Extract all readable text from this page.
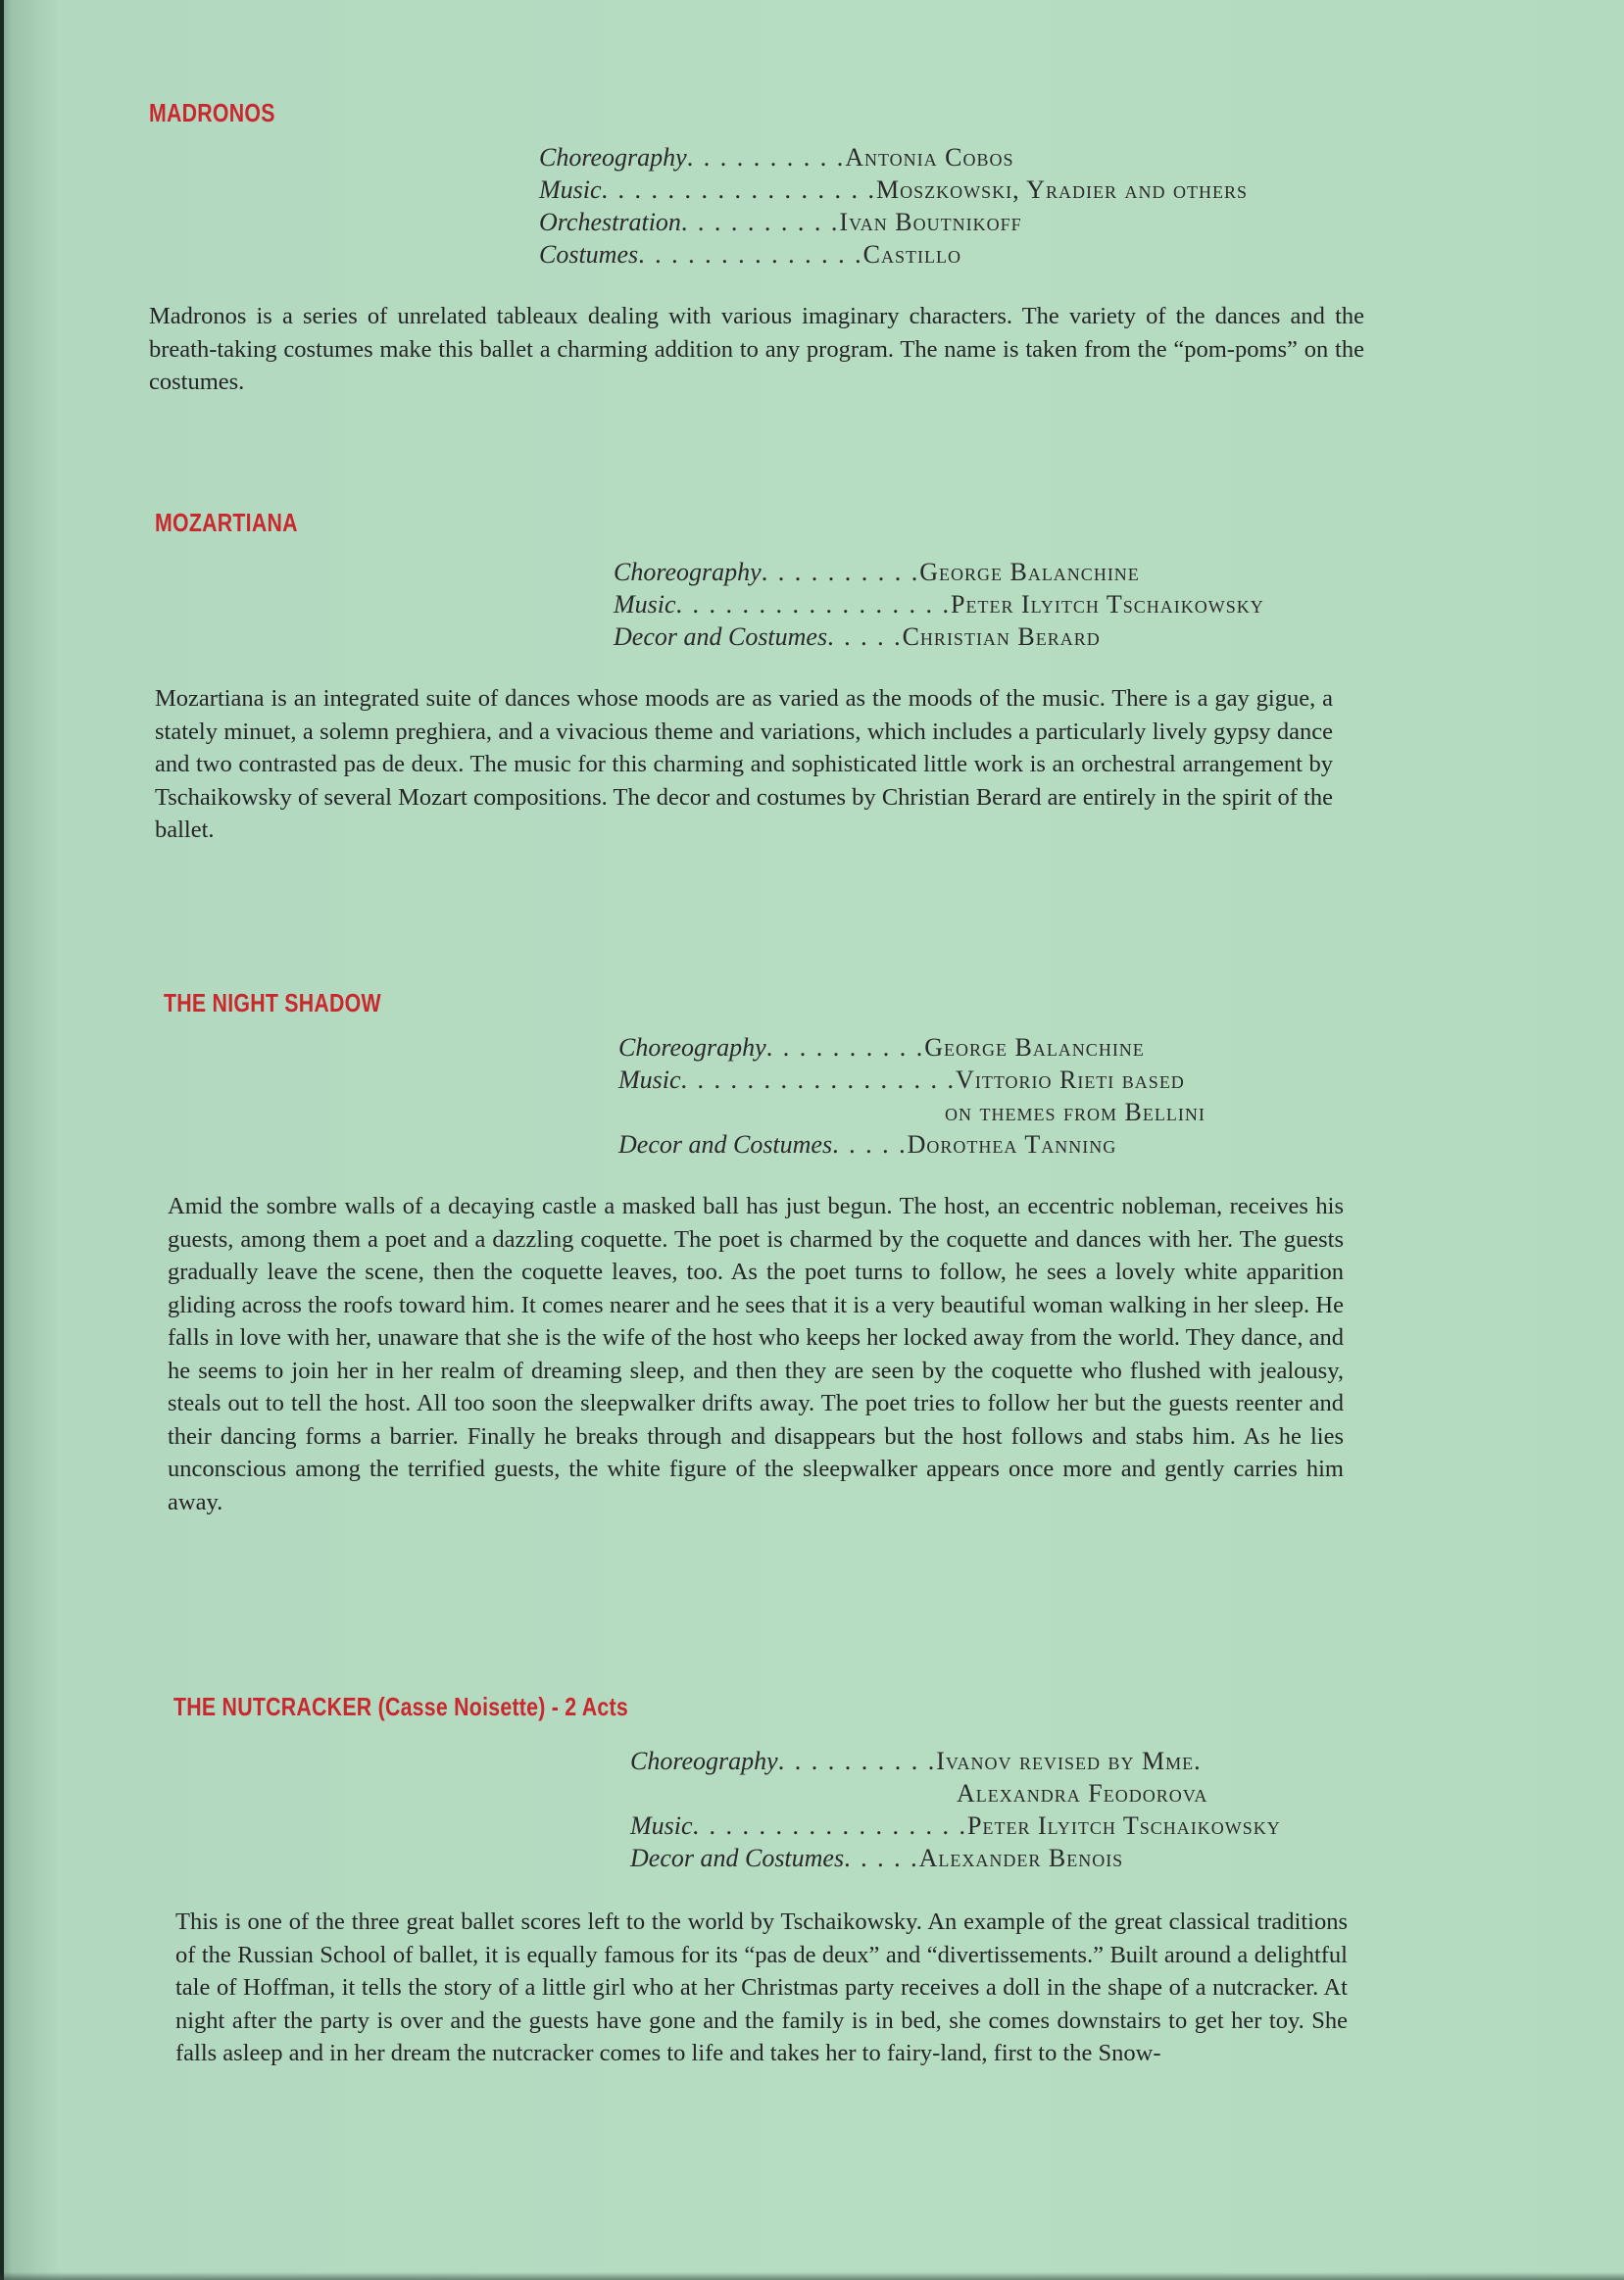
MADRONOS
Choreography . . . . . . . . . . Antonia Cobos
Music . . . . . . . . . . . . . . . . . Moszkowski, Yradier and others
Orchestration . . . . . . . . . . Ivan Boutnikoff
Costumes . . . . . . . . . . . . . . Castillo

Madronos is a series of unrelated tableaux dealing with various imaginary characters. The variety of the dances and the breath-taking costumes make this ballet a charming addition to any program. The name is taken from the “pom-poms” on the costumes.

MOZARTIANA
Choreography . . . . . . . . . . George Balanchine
Music . . . . . . . . . . . . . . . . . Peter Ilyitch Tschaikowsky
Decor and Costumes . . . . . Christian Berard

Mozartiana is an integrated suite of dances whose moods are as varied as the moods of the music. There is a gay gigue, a stately minuet, a solemn preghiera, and a vivacious theme and variations, which includes a particularly lively gypsy dance and two contrasted pas de deux. The music for this charming and sophisticated little work is an orchestral arrangement by Tschaikowsky of several Mozart compositions. The decor and costumes by Christian Berard are entirely in the spirit of the ballet.

THE NIGHT SHADOW
Choreography . . . . . . . . . . George Balanchine
Music . . . . . . . . . . . . . . . . . Vittorio Rieti based
on themes from Bellini
Decor and Costumes . . . . . Dorothea Tanning

Amid the sombre walls of a decaying castle a masked ball has just begun. The host, an eccentric nobleman, receives his guests, among them a poet and a dazzling coquette. The poet is charmed by the coquette and dances with her. The guests gradually leave the scene, then the coquette leaves, too. As the poet turns to follow, he sees a lovely white apparition gliding across the roofs toward him. It comes nearer and he sees that it is a very beautiful woman walking in her sleep. He falls in love with her, unaware that she is the wife of the host who keeps her locked away from the world. They dance, and he seems to join her in her realm of dreaming sleep, and then they are seen by the coquette who flushed with jealousy, steals out to tell the host. All too soon the sleepwalker drifts away. The poet tries to follow her but the guests reenter and their dancing forms a barrier. Finally he breaks through and disappears but the host follows and stabs him. As he lies unconscious among the terrified guests, the white figure of the sleepwalker appears once more and gently carries him away.

THE NUTCRACKER (Casse Noisette) - 2 Acts
Choreography . . . . . . . . . . Ivanov revised by Mme.
Alexandra Feodorova
Music . . . . . . . . . . . . . . . . . Peter Ilyitch Tschaikowsky
Decor and Costumes . . . . . Alexander Benois

This is one of the three great ballet scores left to the world by Tschaikowsky. An example of the great classical traditions of the Russian School of ballet, it is equally famous for its “pas de deux” and “divertissements.” Built around a delightful tale of Hoffman, it tells the story of a little girl who at her Christmas party receives a doll in the shape of a nutcracker. At night after the party is over and the guests have gone and the family is in bed, she comes downstairs to get her toy. She falls asleep and in her dream the nutcracker comes to life and takes her to fairy-land, first to the Snow-
